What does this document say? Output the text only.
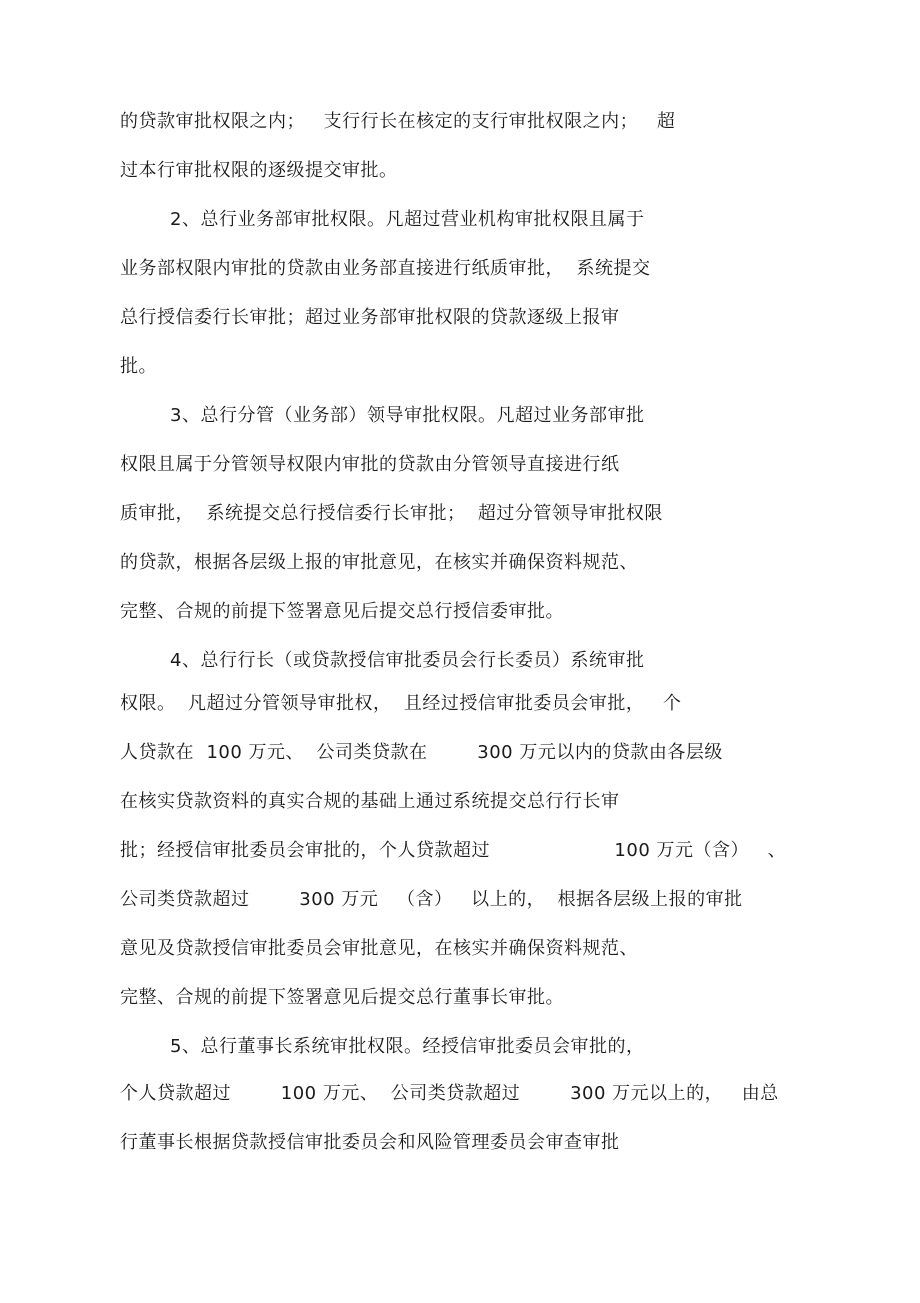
的贷款审批权限之内；   支行行长在核定的支行审批权限之内；   超
过本行审批权限的逐级提交审批。
2、总行业务部审批权限。凡超过营业机构审批权限且属于
业务部权限内审批的贷款由业务部直接进行纸质审批，  系统提交
总行授信委行长审批；超过业务部审批权限的贷款逐级上报审
批。
3、总行分管（业务部）领导审批权限。凡超过业务部审批
权限且属于分管领导权限内审批的贷款由分管领导直接进行纸
质审批，  系统提交总行授信委行长审批；  超过分管领导审批权限
的贷款，根据各层级上报的审批意见，在核实并确保资料规范、
完整、合规的前提下签署意见后提交总行授信委审批。
4、总行行长（或贷款授信审批委员会行长委员）系统审批
权限。  凡超过分管领导审批权，  且经过授信审批委员会审批，   个
人贷款在  100 万元、  公司类贷款在        300 万元以内的贷款由各层级
在核实贷款资料的真实合规的基础上通过系统提交总行行长审
批；经授信审批委员会审批的，个人贷款超过                    100 万元（含）   、
公司类贷款超过        300 万元   （含）   以上的，  根据各层级上报的审批
意见及贷款授信审批委员会审批意见，在核实并确保资料规范、
完整、合规的前提下签署意见后提交总行董事长审批。
5、总行董事长系统审批权限。经授信审批委员会审批的，
个人贷款超过        100 万元、  公司类贷款超过        300 万元以上的，   由总
行董事长根据贷款授信审批委员会和风险管理委员会审查审批
